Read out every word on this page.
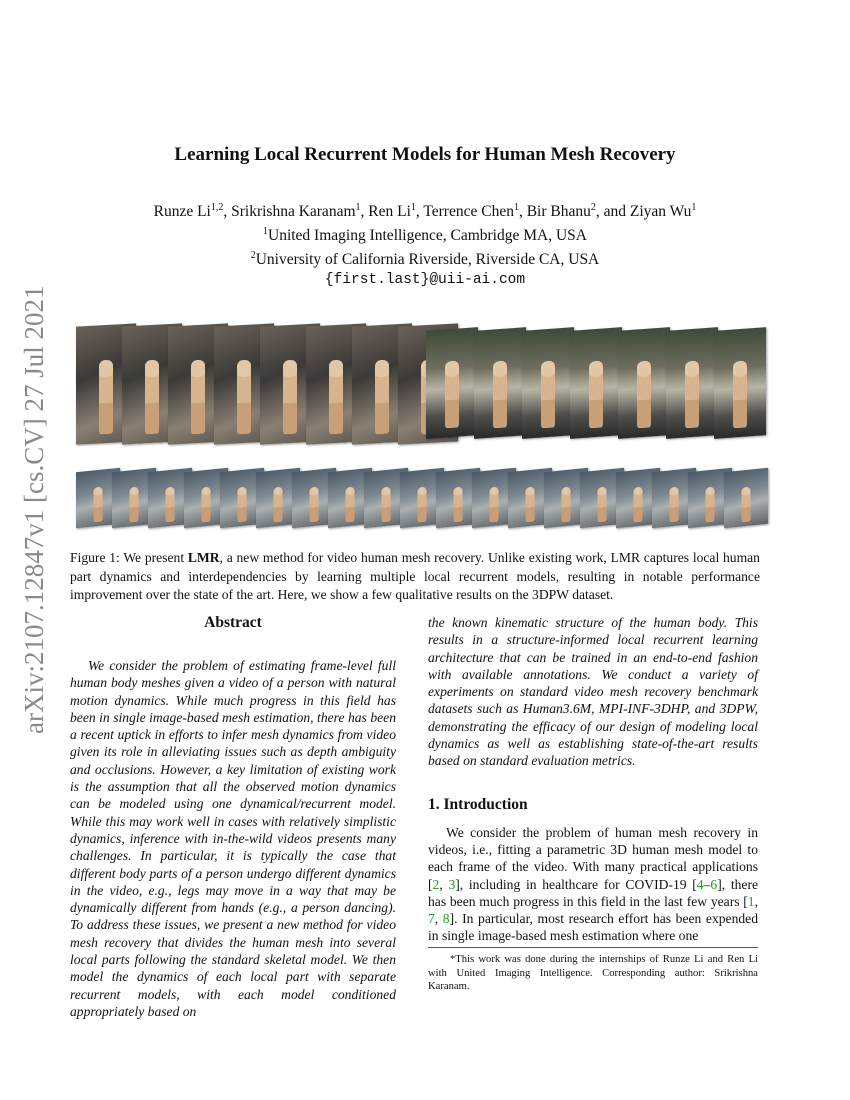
arXiv:2107.12847v1 [cs.CV] 27 Jul 2021
Learning Local Recurrent Models for Human Mesh Recovery
Runze Li$^{1,2}$, Srikrishna Karanam$^1$, Ren Li$^1$, Terrence Chen$^1$, Bir Bhanu$^2$, and Ziyan Wu$^1$
$^1$United Imaging Intelligence, Cambridge MA, USA
$^2$University of California Riverside, Riverside CA, USA
{first.last}@uii-ai.com
Figure 1: We present LMR, a new method for video human mesh recovery. Unlike existing work, LMR captures local human part dynamics and interdependencies by learning multiple local recurrent models, resulting in notable performance improvement over the state of the art. Here, we show a few qualitative results on the 3DPW dataset.
Abstract

We consider the problem of estimating frame-level full human body meshes given a video of a person with natural motion dynamics. While much progress in this field has been in single image-based mesh estimation, there has been a recent uptick in efforts to infer mesh dynamics from video given its role in alleviating issues such as depth ambiguity and occlusions. However, a key limitation of existing work is the assumption that all the observed motion dynamics can be modeled using one dynamical/recurrent model. While this may work well in cases with relatively simplistic dynamics, inference with in-the-wild videos presents many challenges. In particular, it is typically the case that different body parts of a person undergo different dynamics in the video, e.g., legs may move in a way that may be dynamically different from hands (e.g., a person dancing). To address these issues, we present a new method for video mesh recovery that divides the human mesh into several local parts following the standard skeletal model. We then model the dynamics of each local part with separate recurrent models, with each model conditioned appropriately based on

the known kinematic structure of the human body. This results in a structure-informed local recurrent learning architecture that can be trained in an end-to-end fashion with available annotations. We conduct a variety of experiments on standard video mesh recovery benchmark datasets such as Human3.6M, MPI-INF-3DHP, and 3DPW, demonstrating the efficacy of our design of modeling local dynamics as well as establishing state-of-the-art results based on standard evaluation metrics.

1. Introduction

We consider the problem of human mesh recovery in videos, i.e., fitting a parametric 3D human mesh model to each frame of the video. With many practical applications [2, 3], including in healthcare for COVID-19 [4–6], there has been much progress in this field in the last few years [1, 7, 8]. In particular, most research effort has been expended in single image-based mesh estimation where one

*This work was done during the internships of Runze Li and Ren Li with United Imaging Intelligence. Corresponding author: Srikrishna Karanam.
